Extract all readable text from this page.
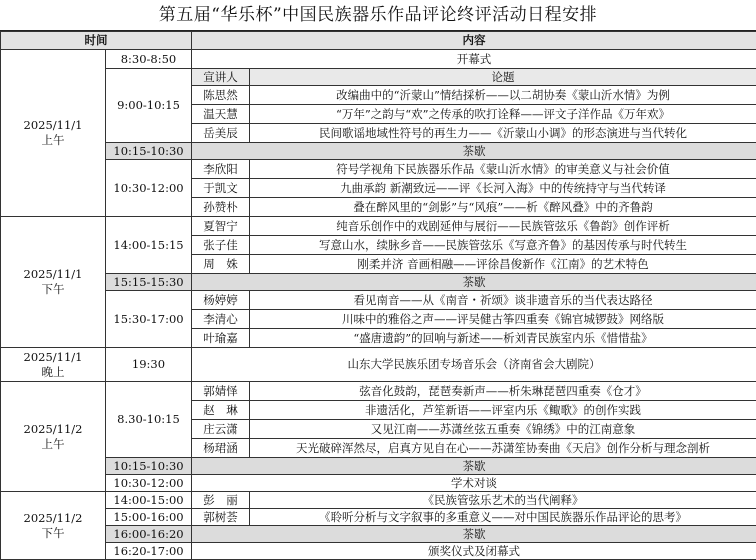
第五届“华乐杯”中国民族器乐作品评论终评活动日程安排
时间		内容	

2025/11/1
上午	8:30-8:50	开幕式	
	9:00-10:15	宣讲人	论题
		陈思然	改编曲中的“沂蒙山”情结採析——以二胡协奏《蒙山沂水情》为例
		温天慧	“万年”之韵与“欢”之传承的吹打诠释——评文子洋作品《万年欢》
		岳美辰	民间歌谣地域性符号的再生力——《沂蒙山小调》的形态演进与当代转化
	10:15-10:30	茶歇	
	10:30-12:00	李欣阳	符号学视角下民族器乐作品《蒙山沂水情》的审美意义与社会价值
		于凯文	九曲承韵 新潮致远——评《长河入海》中的传统持守与当代转译
		孙赞朴	叠在醉风里的“剑影”与“风痕”——析《醉风叠》中的齐鲁韵

2025/11/1
下午	14:00-15:15	夏智宁	纯音乐创作中的戏剧延伸与展衍——民族管弦乐《鲁韵》创作评析
		张子佳	写意山水，续脉乡音——民族管弦乐《写意齐鲁》的基因传承与时代转生
		周　姝	刚柔并济 音画相融——评徐昌俊新作《江南》的艺术特色
	15:15-15:30	茶歇	
	15:30-17:00	杨婷婷	看见南音——从《南音・祈颂》谈非遗音乐的当代表达路径
		李清心	川味中的雅俗之声——评吴健古筝四重奏《锦官城锣鼓》网络版
		叶瑜嘉	“盛唐遗韵”的回响与新述——析刘青民族室内乐《惜惜盐》

2025/11/1
晚上	19:30	山东大学民族乐团专场音乐会（济南省会大剧院）	

2025/11/2
上午	8.30-10:15	郭婧怿	弦音化鼓韵，琵琶奏新声——析朱琳琵琶四重奏《仓才》
		赵　琳	非遗活化，芦笙新语——评室内乐《鲰歌》的创作实践
		庄云潇	又见江南——苏潇丝弦五重奏《锦绣》中的江南意象
		杨珺涵	天光破碎浑然尽，启真方见自在心——苏潇笙协奏曲《天启》创作分析与理念剖析
	10:15-10:30	茶歇	
	10:30-12:00	学术对谈	

2025/11/2
下午	14:00-15:00	彭　丽	《民族管弦乐艺术的当代阐释》
	15:00-16:00	郭树荟	《聆听分析与文字叙事的多重意义——对中国民族器乐作品评论的思考》
	16:00-16:20	茶歇	
	16:20-17:00	颁奖仪式及闭幕式	
